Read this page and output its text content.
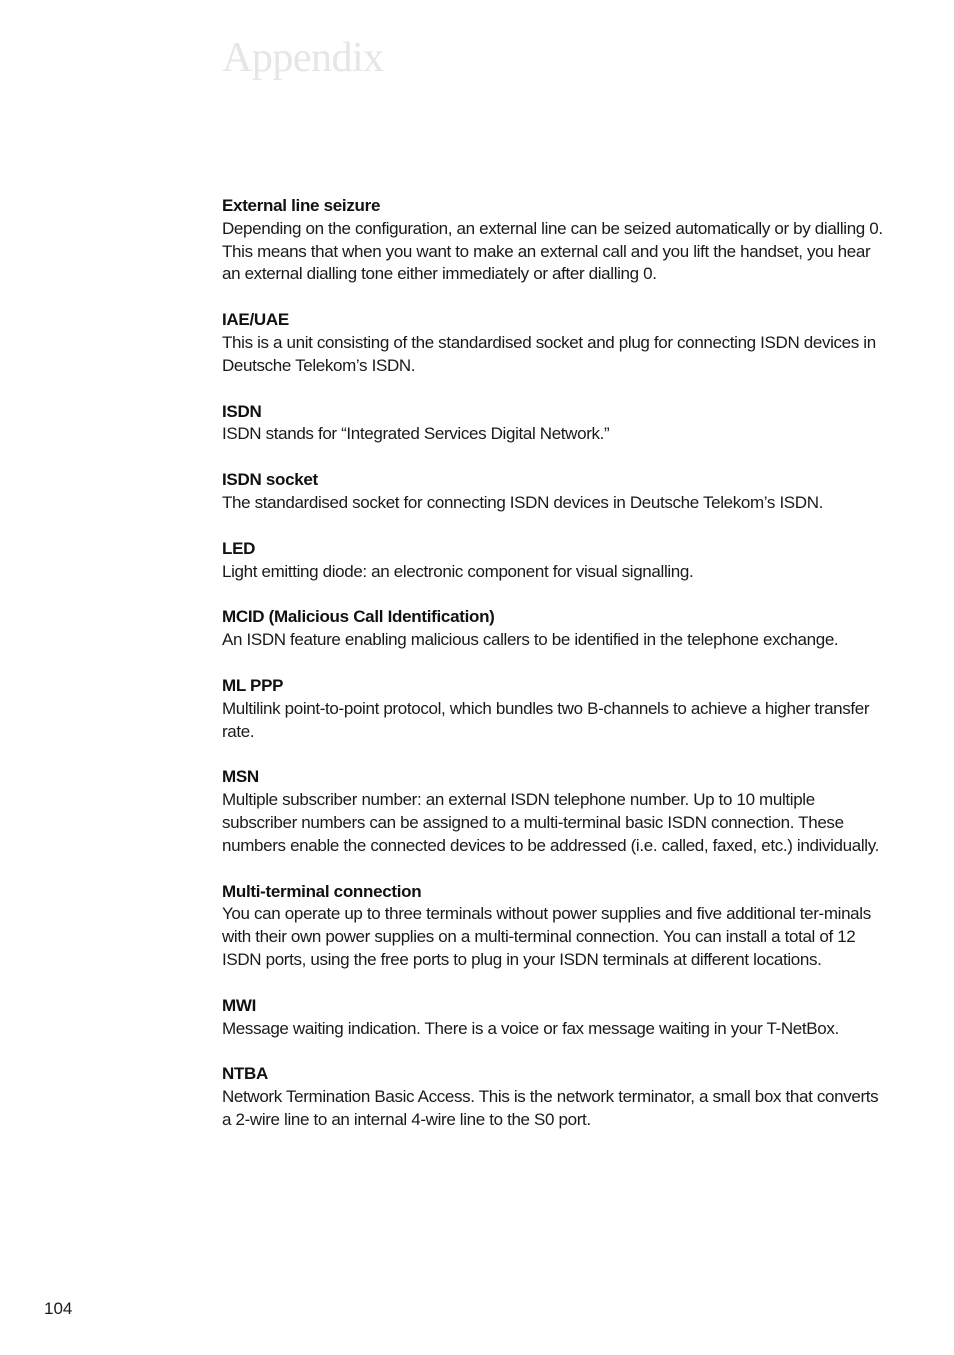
Appendix
External line seizure

Depending on the configuration, an external line can be seized automatically or by dialling 0. This means that when you want to make an external call and you lift the handset, you hear an external dialling tone either immediately or after dialling 0.

IAE/UAE

This is a unit consisting of the standardised socket and plug for connecting ISDN devices in Deutsche Telekom’s ISDN.

ISDN

ISDN stands for “Integrated Services Digital Network.”

ISDN socket

The standardised socket for connecting ISDN devices in Deutsche Telekom’s ISDN.

LED

Light emitting diode: an electronic component for visual signalling.

MCID (Malicious Call Identification)

An ISDN feature enabling malicious callers to be identified in the telephone exchange.

ML PPP

Multilink point-to-point protocol, which bundles two B-channels to achieve a higher transfer rate.

MSN

Multiple subscriber number: an external ISDN telephone number. Up to 10 multiple subscriber numbers can be assigned to a multi-terminal basic ISDN connection. These numbers enable the connected devices to be addressed (i.e. called, faxed, etc.) individually.

Multi-terminal connection

You can operate up to three terminals without power supplies and five additional ter-minals with their own power supplies on a multi-terminal connection. You can install a total of 12 ISDN ports, using the free ports to plug in your ISDN terminals at different locations.

MWI

Message waiting indication. There is a voice or fax message waiting in your T-NetBox.

NTBA

Network Termination Basic Access. This is the network terminator, a small box that converts a 2-wire line to an internal 4-wire line to the S0 port.

104
